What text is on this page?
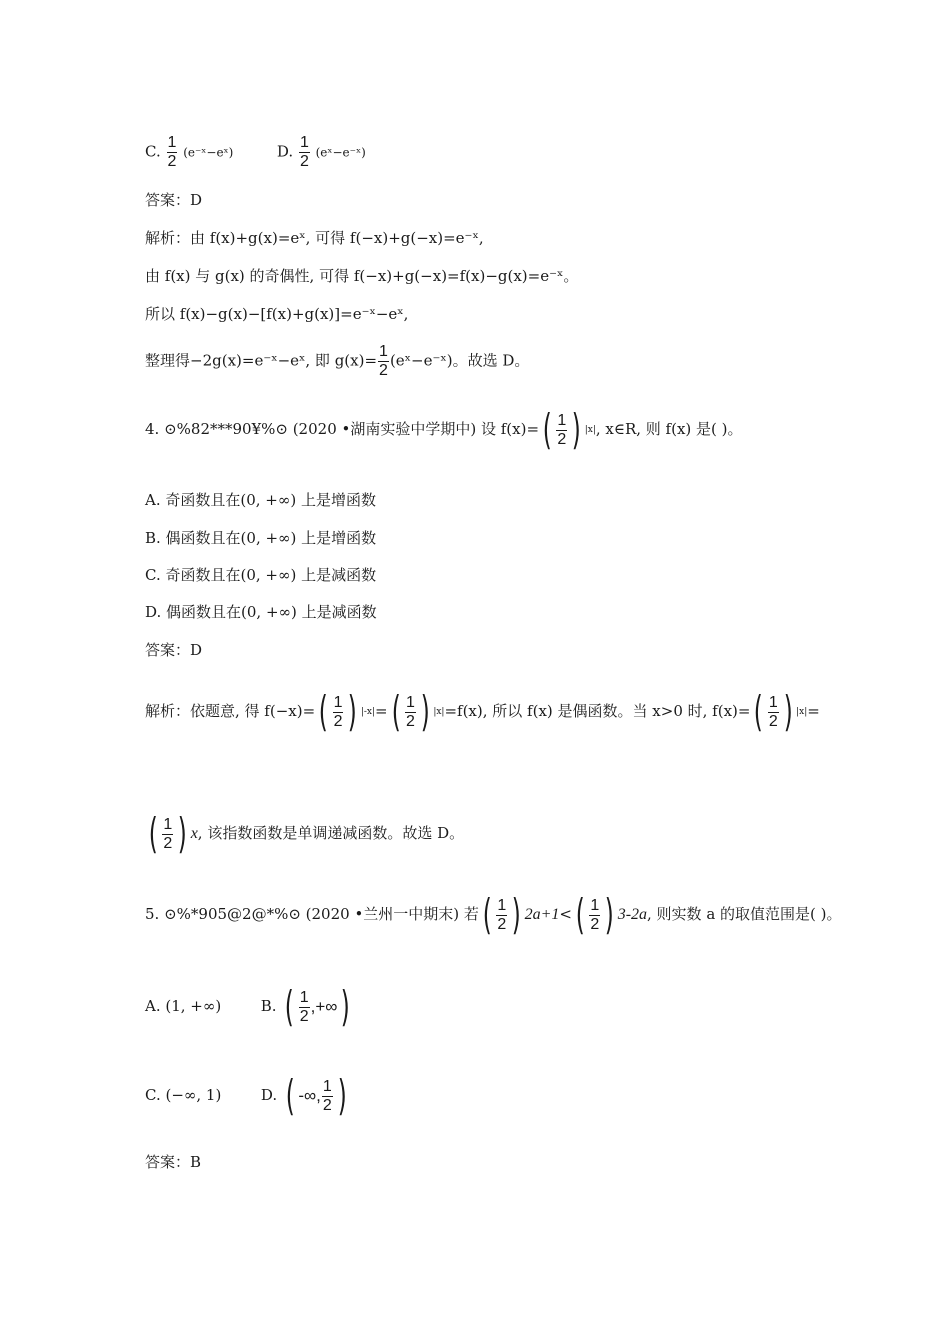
C. $\frac{1}{2}$ (e⁻ˣ−eˣ)	D. $\frac{1}{2}$ (eˣ−e⁻ˣ)
答案：D
解析：由 f(x)+g(x)=eˣ, 可得 f(−x)+g(−x)=e⁻ˣ,
由 f(x) 与 g(x) 的奇偶性, 可得 f(−x)+g(−x)=f(x)−g(x)=e⁻ˣ。
所以 f(x)−g(x)−[f(x)+g(x)]=e⁻ˣ−eˣ,
整理得−2g(x)=e⁻ˣ−eˣ, 即 $g(x)= \frac{1}{2}$ (eˣ−e⁻ˣ)。故选 D。
4. ⊙%82***90¥%⊙ (2020 •湖南实验中学期中) 设 f(x)= ( $\frac{1}{2}$ ) |x| , x∈R, 则 f(x) 是( )。
A. 奇函数且在(0, +∞) 上是增函数
B. 偶函数且在(0, +∞) 上是增函数
C. 奇函数且在(0, +∞) 上是减函数
D. 偶函数且在(0, +∞) 上是减函数
答案：D
解析：依题意, 得 f(−x)= ( $\frac{1}{2}$ ) |-x| = ( $\frac{1}{2}$ ) |x| =f(x), 所以 f(x) 是偶函数。当 x>0 时, f(x)= ( $\frac{1}{2}$ ) |x| =
( $\frac{1}{2}$ ) x , 该指数函数是单调递减函数。故选 D。
5. ⊙%*905@2@*%⊙ (2020 •兰州一中期末) 若 ( $\frac{1}{2}$ ) 2a+1 < ( $\frac{1}{2}$ ) 3-2a , 则实数 a 的取值范围是( )。
A. (1, +∞)	B. ( $\frac{1}{2}$ ,+∞ )
C. (−∞, 1)	D. ( -∞, $\frac{1}{2}$ )
答案：B
